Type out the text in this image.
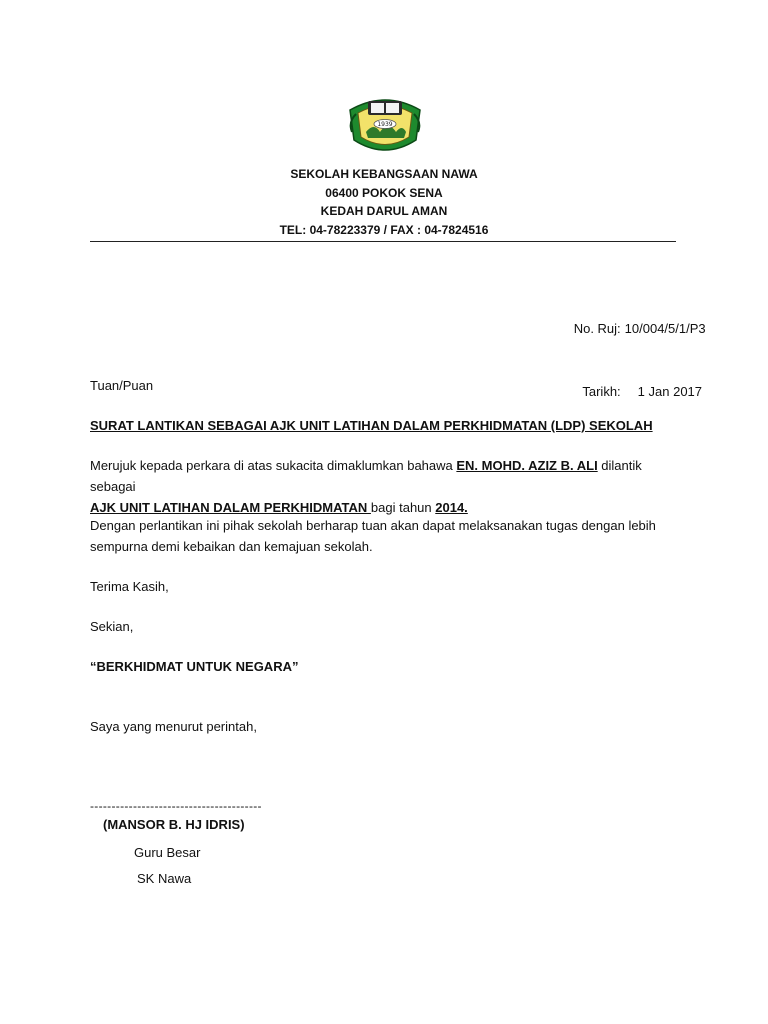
1939
SEKOLAH KEBANGSAAN NAWA
06400 POKOK SENA
KEDAH DARUL AMAN
TEL: 04-78223379 / FAX : 04-7824516

No. Ruj: 10/004/5/1/P3

Tarikh: 1 Jan 2017

Tuan/Puan
SURAT LANTIKAN SEBAGAI AJK UNIT LATIHAN DALAM PERKHIDMATAN (LDP) SEKOLAH
Merujuk kepada perkara di atas sukacita dimaklumkan bahawa EN. MOHD. AZIZ B. ALI dilantik sebagai
AJK UNIT LATIHAN DALAM PERKHIDMATAN bagi tahun 2014.
Dengan perlantikan ini pihak sekolah berharap tuan akan dapat melaksanakan tugas dengan lebih
sempurna demi kebaikan dan kemajuan sekolah.
Terima Kasih,
Sekian,
“BERKHIDMAT UNTUK NEGARA”
Saya yang menurut perintah,
----------------------------------------
(MANSOR B. HJ IDRIS)
Guru Besar
SK Nawa
